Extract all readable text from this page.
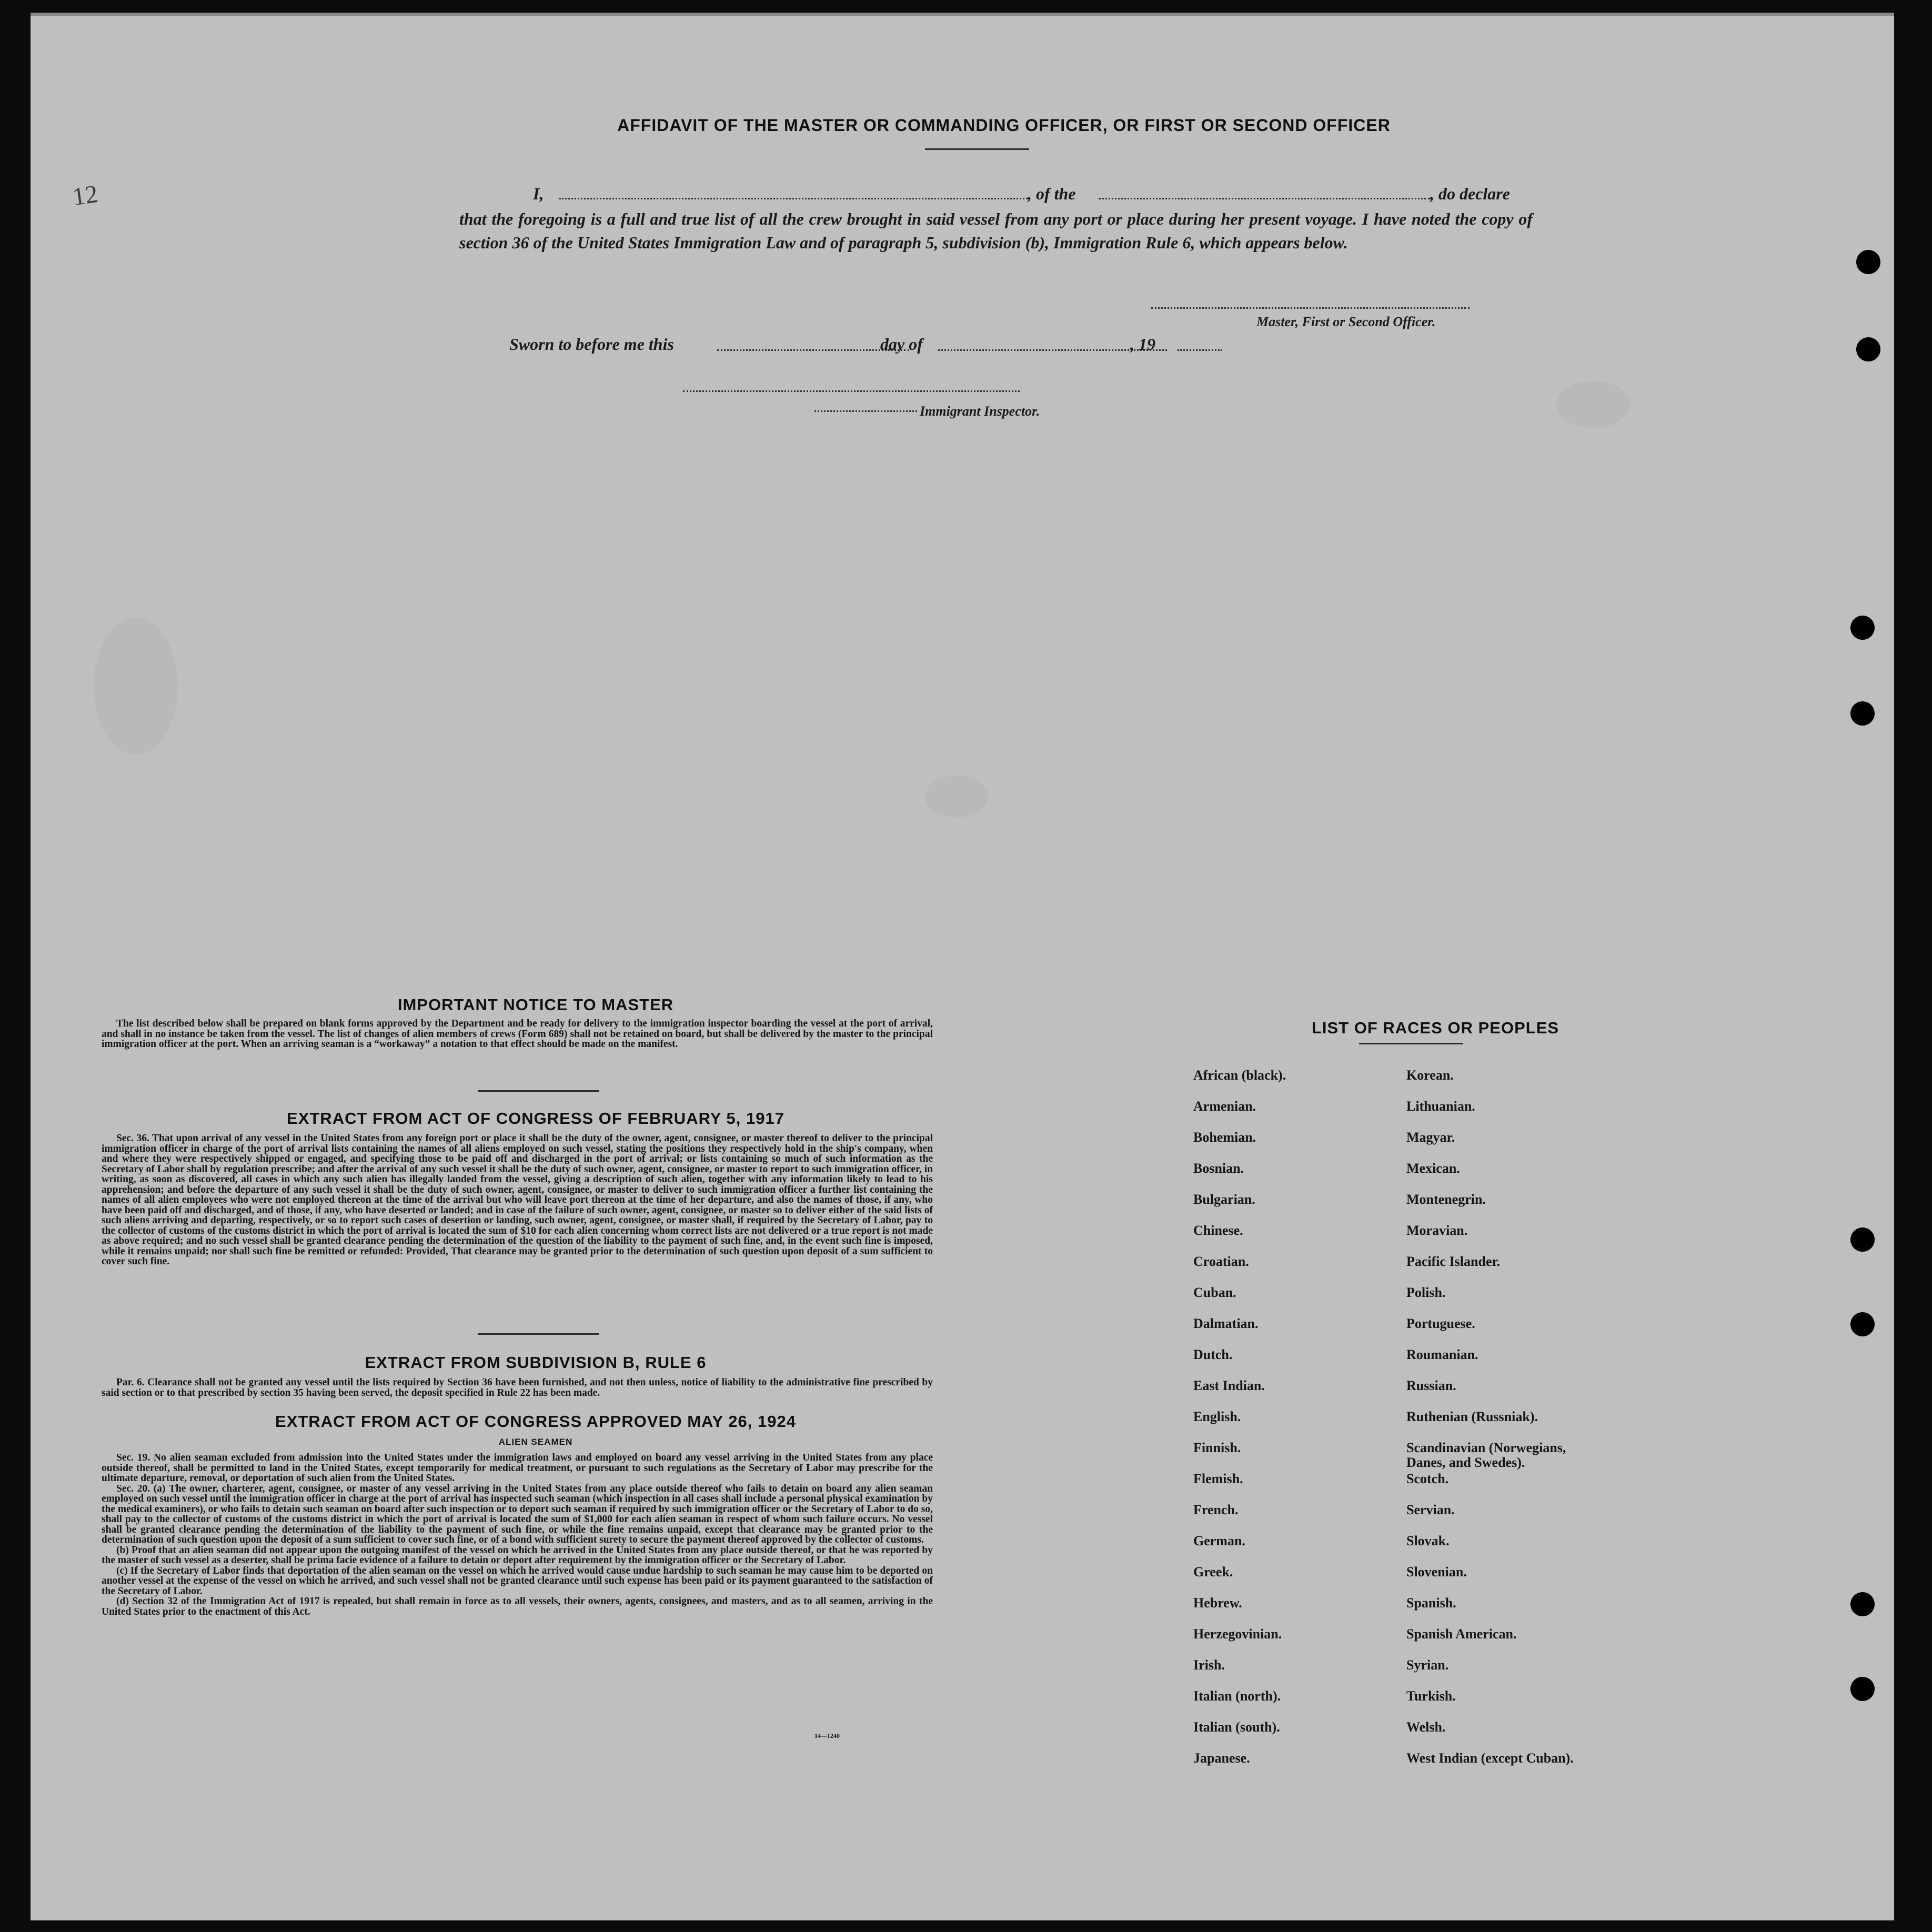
12
AFFIDAVIT OF THE MASTER OR COMMANDING OFFICER, OR FIRST OR SECOND OFFICER
I,	, of the	, do declare
that the foregoing is a full and true list of all the crew brought in said vessel from any port or place during her present voyage. I have noted the copy of section 36 of the United States Immigration Law and of paragraph 5, subdivision (b), Immigration Rule 6, which appears below.
Master, First or Second Officer.
Sworn to before me this	day of	, 19
Immigrant Inspector.
IMPORTANT NOTICE TO MASTER

The list described below shall be prepared on blank forms approved by the Department and be ready for delivery to the immigration inspector boarding the vessel at the port of arrival, and shall in no instance be taken from the vessel. The list of changes of alien members of crews (Form 689) shall not be retained on board, but shall be delivered by the master to the principal immigration officer at the port. When an arriving seaman is a “workaway” a notation to that effect should be made on the manifest.

EXTRACT FROM ACT OF CONGRESS OF FEBRUARY 5, 1917

Sec. 36. That upon arrival of any vessel in the United States from any foreign port or place it shall be the duty of the owner, agent, consignee, or master thereof to deliver to the principal immigration officer in charge of the port of arrival lists containing the names of all aliens employed on such vessel, stating the positions they respectively hold in the ship's company, when and where they were respectively shipped or engaged, and specifying those to be paid off and discharged in the port of arrival; or lists containing so much of such information as the Secretary of Labor shall by regulation prescribe; and after the arrival of any such vessel it shall be the duty of such owner, agent, consignee, or master to report to such immigration officer, in writing, as soon as discovered, all cases in which any such alien has illegally landed from the vessel, giving a description of such alien, together with any information likely to lead to his apprehension; and before the departure of any such vessel it shall be the duty of such owner, agent, consignee, or master to deliver to such immigration officer a further list containing the names of all alien employees who were not employed thereon at the time of the arrival but who will leave port thereon at the time of her departure, and also the names of those, if any, who have been paid off and discharged, and of those, if any, who have deserted or landed; and in case of the failure of such owner, agent, consignee, or master so to deliver either of the said lists of such aliens arriving and departing, respectively, or so to report such cases of desertion or landing, such owner, agent, consignee, or master shall, if required by the Secretary of Labor, pay to the collector of customs of the customs district in which the port of arrival is located the sum of $10 for each alien concerning whom correct lists are not delivered or a true report is not made as above required; and no such vessel shall be granted clearance pending the determination of the question of the liability to the payment of such fine, and, in the event such fine is imposed, while it remains unpaid; nor shall such fine be remitted or refunded: Provided, That clearance may be granted prior to the determination of such question upon deposit of a sum sufficient to cover such fine.

EXTRACT FROM SUBDIVISION B, RULE 6

Par. 6. Clearance shall not be granted any vessel until the lists required by Section 36 have been furnished, and not then unless, notice of liability to the administrative fine prescribed by said section or to that prescribed by section 35 having been served, the deposit specified in Rule 22 has been made.

EXTRACT FROM ACT OF CONGRESS APPROVED MAY 26, 1924
ALIEN SEAMEN

Sec. 19. No alien seaman excluded from admission into the United States under the immigration laws and employed on board any vessel arriving in the United States from any place outside thereof, shall be permitted to land in the United States, except temporarily for medical treatment, or pursuant to such regulations as the Secretary of Labor may prescribe for the ultimate departure, removal, or deportation of such alien from the United States.

Sec. 20. (a) The owner, charterer, agent, consignee, or master of any vessel arriving in the United States from any place outside thereof who fails to detain on board any alien seaman employed on such vessel until the immigration officer in charge at the port of arrival has inspected such seaman (which inspection in all cases shall include a personal physical examination by the medical examiners), or who fails to detain such seaman on board after such inspection or to deport such seaman if required by such immigration officer or the Secretary of Labor to do so, shall pay to the collector of customs of the customs district in which the port of arrival is located the sum of $1,000 for each alien seaman in respect of whom such failure occurs. No vessel shall be granted clearance pending the determination of the liability to the payment of such fine, or while the fine remains unpaid, except that clearance may be granted prior to the determination of such question upon the deposit of a sum sufficient to cover such fine, or of a bond with sufficient surety to secure the payment thereof approved by the collector of customs.

(b) Proof that an alien seaman did not appear upon the outgoing manifest of the vessel on which he arrived in the United States from any place outside thereof, or that he was reported by the master of such vessel as a deserter, shall be prima facie evidence of a failure to detain or deport after requirement by the immigration officer or the Secretary of Labor.

(c) If the Secretary of Labor finds that deportation of the alien seaman on the vessel on which he arrived would cause undue hardship to such seaman he may cause him to be deported on another vessel at the expense of the vessel on which he arrived, and such vessel shall not be granted clearance until such expense has been paid or its payment guaranteed to the satisfaction of the Secretary of Labor.

(d) Section 32 of the Immigration Act of 1917 is repealed, but shall remain in force as to all vessels, their owners, agents, consignees, and masters, and as to all seamen, arriving in the United States prior to the enactment of this Act.

14—1240
LIST OF RACES OR PEOPLES
African (black).
Armenian.
Bohemian.
Bosnian.
Bulgarian.
Chinese.
Croatian.
Cuban.
Dalmatian.
Dutch.
East Indian.
English.
Finnish.
Flemish.
French.
German.
Greek.
Hebrew.
Herzegovinian.
Irish.
Italian (north).
Italian (south).
Japanese.
Korean.
Lithuanian.
Magyar.
Mexican.
Montenegrin.
Moravian.
Pacific Islander.
Polish.
Portuguese.
Roumanian.
Russian.
Ruthenian (Russniak).
Scandinavian (Norwegians, Danes, and Swedes).
Scotch.
Servian.
Slovak.
Slovenian.
Spanish.
Spanish American.
Syrian.
Turkish.
Welsh.
West Indian (except Cuban).
